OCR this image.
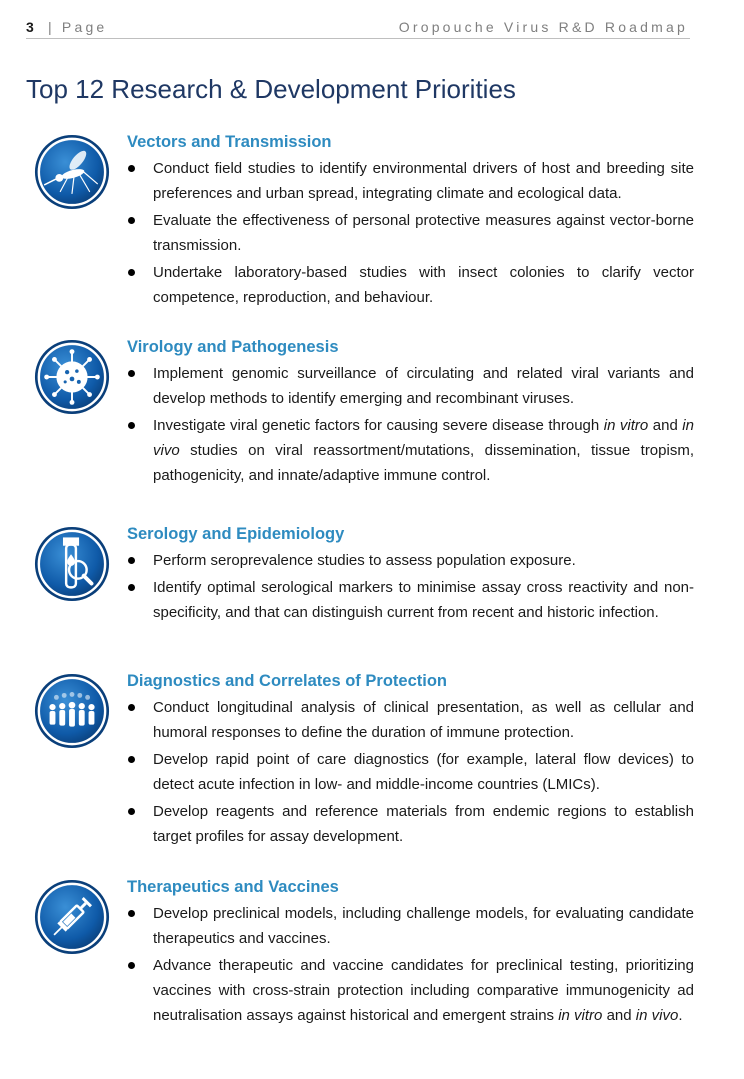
3 | Page	Oropouche Virus R&D Roadmap
Top 12 Research & Development Priorities
Vectors and Transmission
Conduct field studies to identify environmental drivers of host and breeding site preferences and urban spread, integrating climate and ecological data.
Evaluate the effectiveness of personal protective measures against vector-borne transmission.
Undertake laboratory-based studies with insect colonies to clarify vector competence, reproduction, and behaviour.
Virology and Pathogenesis
Implement genomic surveillance of circulating and related viral variants and develop methods to identify emerging and recombinant viruses.
Investigate viral genetic factors for causing severe disease through in vitro and in vivo studies on viral reassortment/mutations, dissemination, tissue tropism, pathogenicity, and innate/adaptive immune control.
Serology and Epidemiology
Perform seroprevalence studies to assess population exposure.
Identify optimal serological markers to minimise assay cross reactivity and non-specificity, and that can distinguish current from recent and historic infection.
Diagnostics and Correlates of Protection
Conduct longitudinal analysis of clinical presentation, as well as cellular and humoral responses to define the duration of immune protection.
Develop rapid point of care diagnostics (for example, lateral flow devices) to detect acute infection in low- and middle-income countries (LMICs).
Develop reagents and reference materials from endemic regions to establish target profiles for assay development.
Therapeutics and Vaccines
Develop preclinical models, including challenge models, for evaluating candidate therapeutics and vaccines.
Advance therapeutic and vaccine candidates for preclinical testing, prioritizing vaccines with cross-strain protection including comparative immunogenicity ad neutralisation assays against historical and emergent strains in vitro and in vivo.
